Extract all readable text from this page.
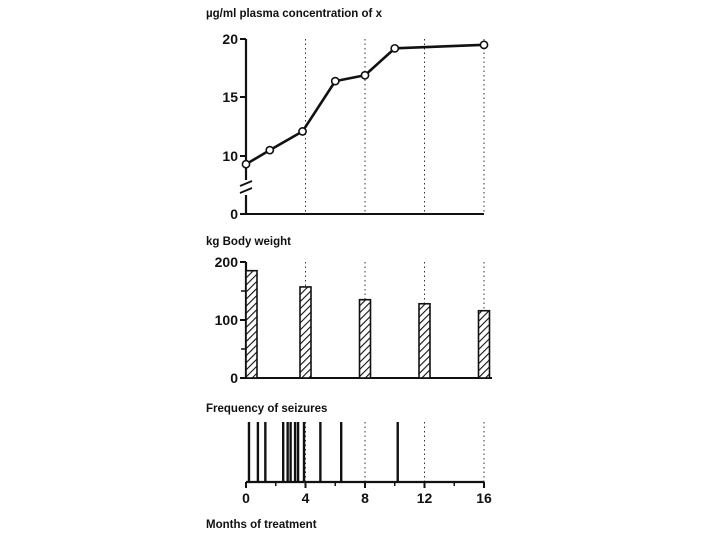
µg/ml plasma concentration of x
0
10
15
20
kg Body weight
0
100
200
Frequency of seizures
0	4	8	12	16
Months of treatment
